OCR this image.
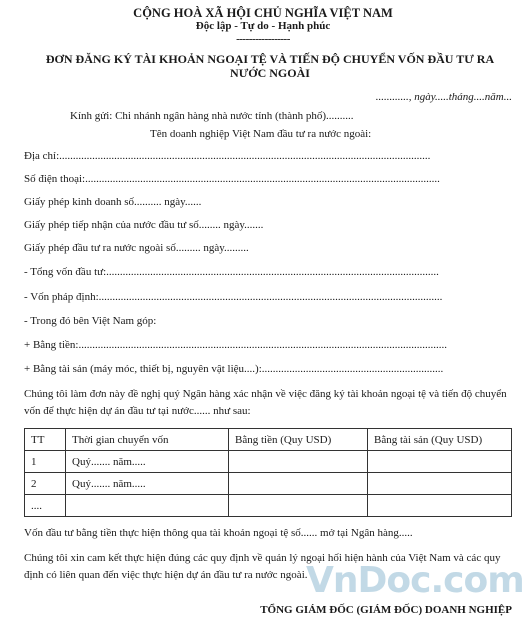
CỘNG HOÀ XÃ HỘI CHỦ NGHĨA VIỆT NAM
Độc lập - Tự do - Hạnh phúc
-----------------
ĐƠN ĐĂNG KÝ TÀI KHOẢN NGOẠI TỆ VÀ TIẾN ĐỘ CHUYỂN VỐN ĐẦU TƯ RA NƯỚC NGOÀI
............, ngày.....tháng....năm...
Kính gửi: Chi nhánh ngân hàng nhà nước tỉnh (thành phố)..........
Tên doanh nghiệp Việt Nam đầu tư ra nước ngoài:
Địa chỉ:.......................................................................................................................................
Số điện thoại:.................................................................................................................................
Giấy phép kinh doanh số.......... ngày......
Giấy phép tiếp nhận của nước đầu tư số........ ngày.......
Giấy phép đầu tư ra nước ngoài số......... ngày.........
- Tổng vốn đầu tư:.........................................................................................................................
- Vốn pháp định:.............................................................................................................................
- Trong đó bên Việt Nam góp:
+ Bằng tiền:......................................................................................................................................
+ Bằng tài sản (máy móc, thiết bị, nguyên vật liệu....):..................................................................
Chúng tôi làm đơn này đề nghị quý Ngân hàng xác nhận về việc đăng ký tài khoản ngoại tệ và tiến độ chuyển vốn để thực hiện dự án đầu tư tại nước...... như sau:
TT	Thời gian chuyển vốn	Bằng tiền (Quy USD)	Bằng tài sản (Quy USD)
1	Quý....... năm.....		
2	Quý....... năm.....		
....			
Vốn đầu tư bằng tiền thực hiện thông qua tài khoản ngoại tệ số...... mở tại Ngân hàng.....
Chúng tôi xin cam kết thực hiện đúng các quy định về quản lý ngoại hối hiện hành của Việt Nam và các quy định có liên quan đến việc thực hiện dự án đầu tư ra nước ngoài.
VnDoc.com
TỔNG GIÁM ĐỐC (GIÁM ĐỐC) DOANH NGHIỆP
